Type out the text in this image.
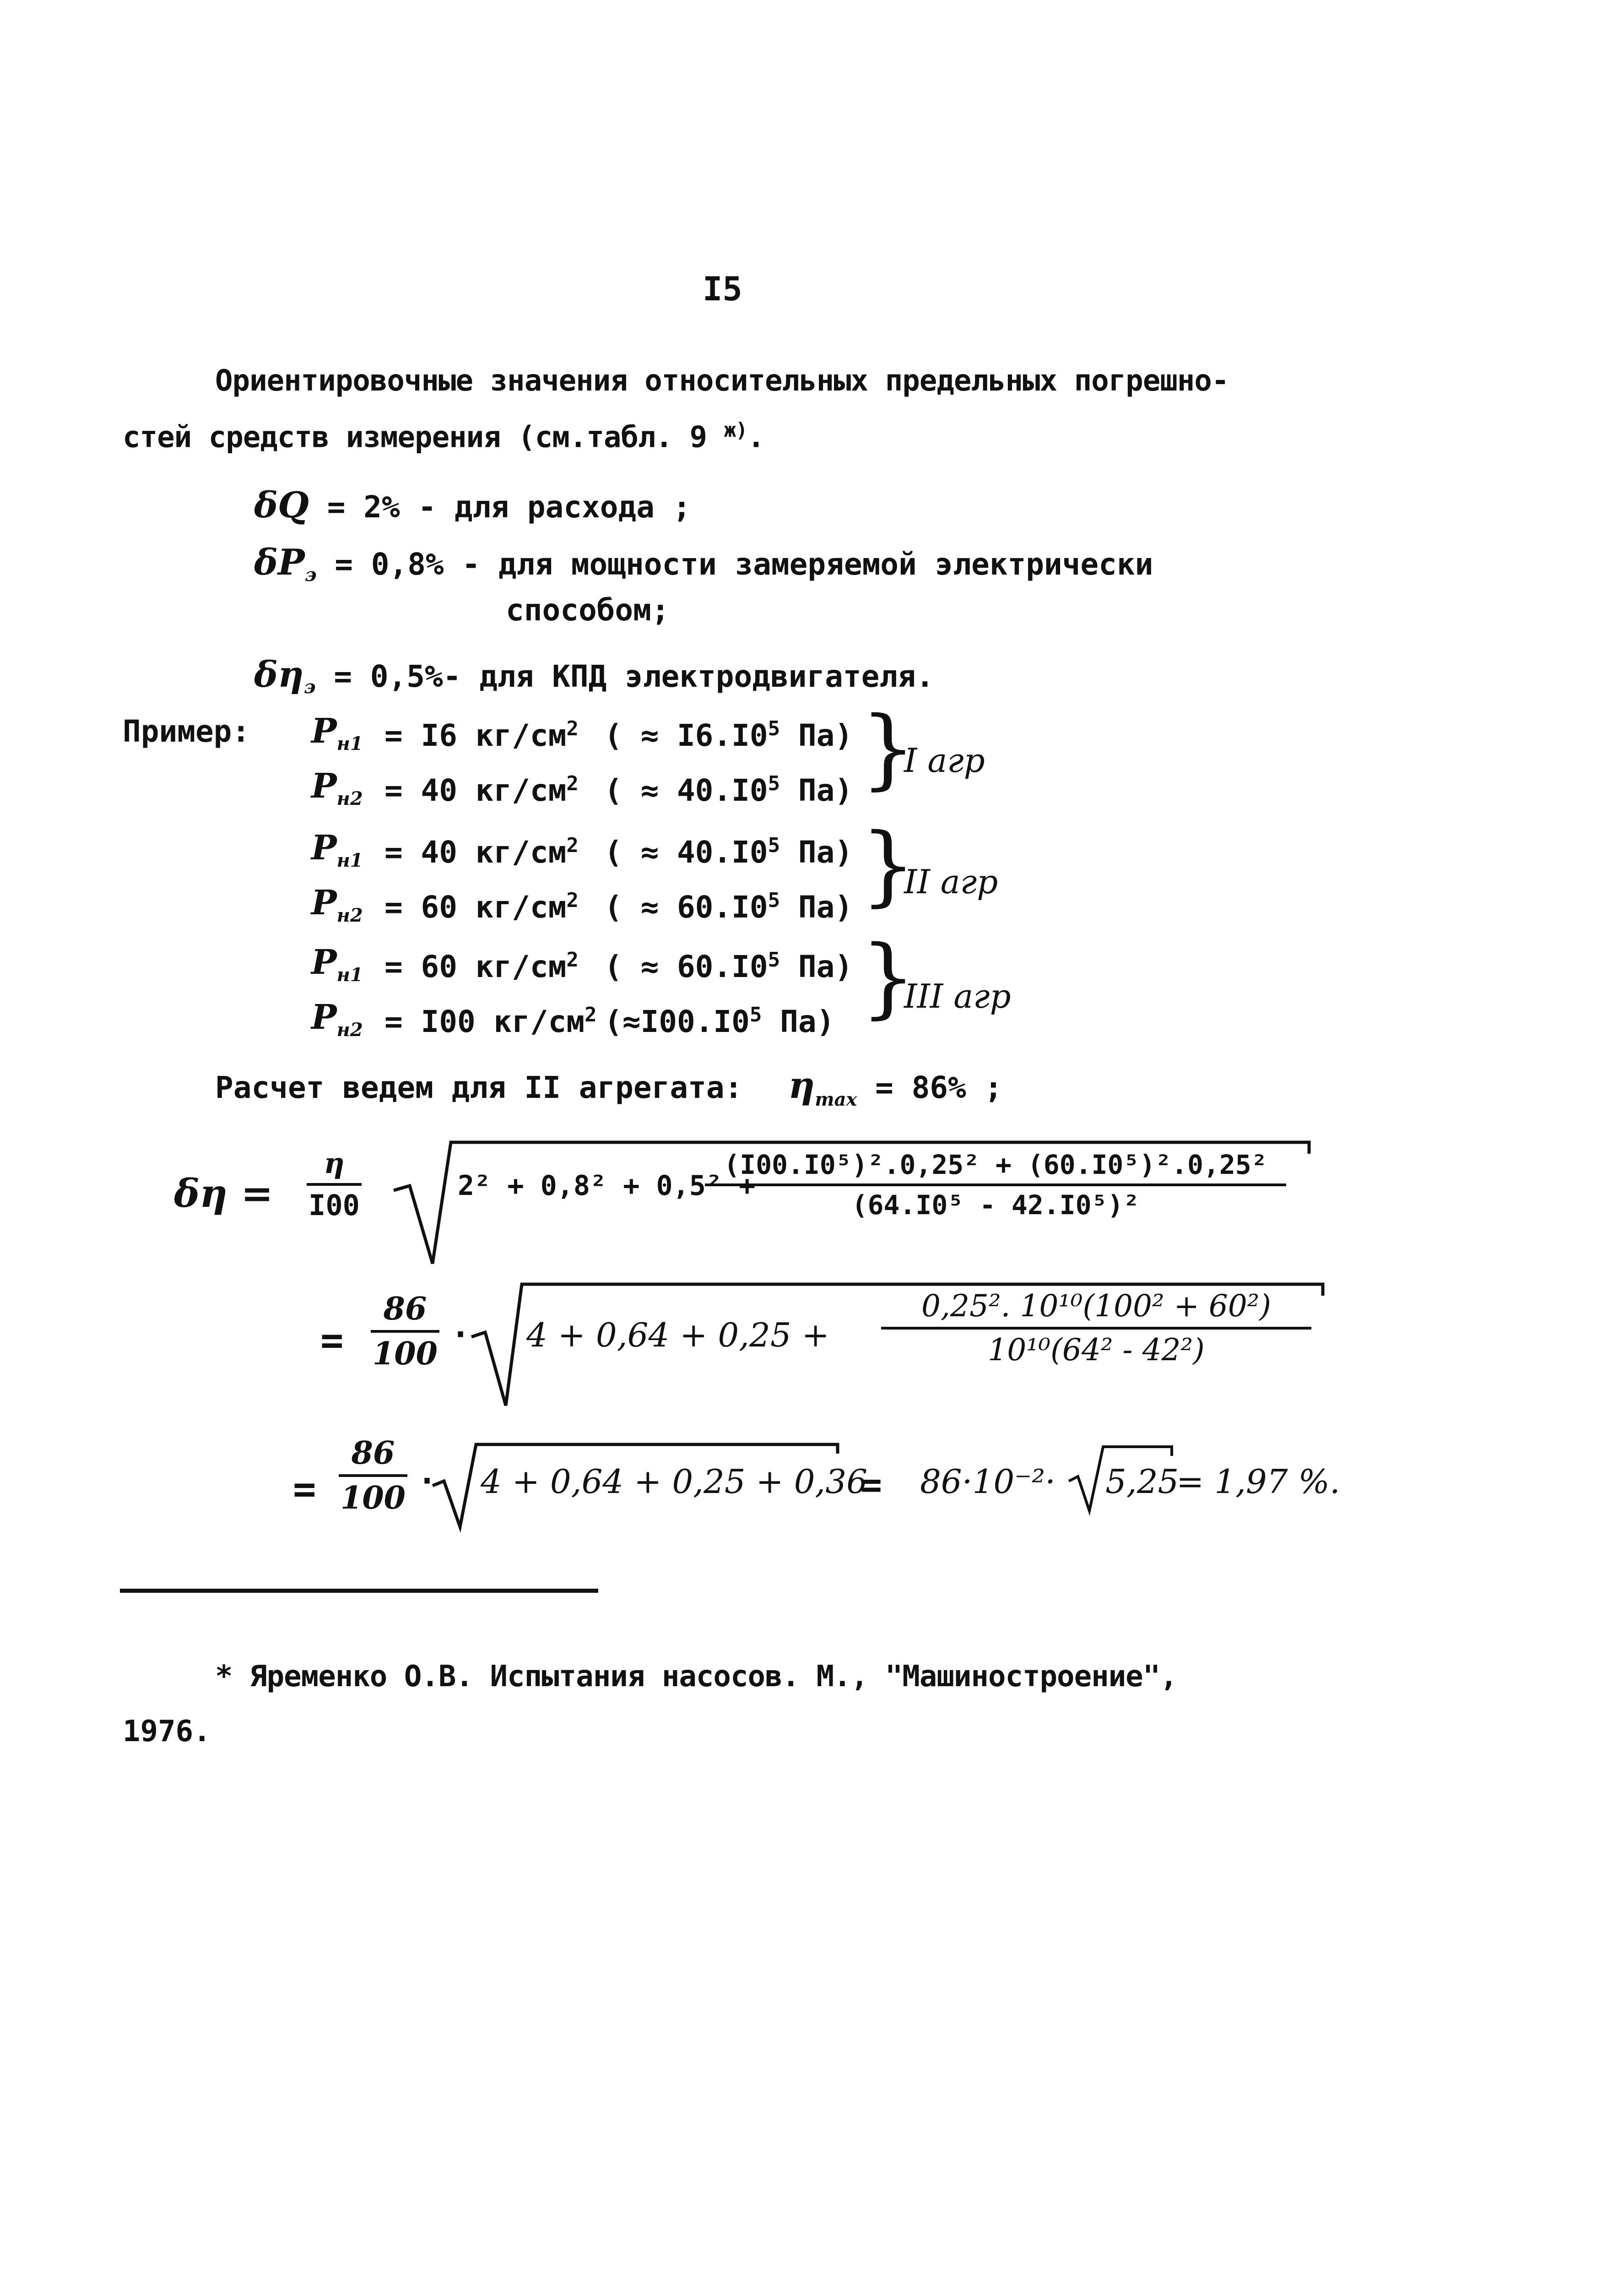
I5
Ориентировочные значения относительных предельных погрешно-
стей средств измерения (см.табл. 9 $^{ж)}$.
δQ = 2% - для расхода ;
$\delta P_э = 0,8\%$ - для мощности замеряемой электрически
способом;
$\delta\eta_э = 0,5\%-$ для КПД электродвигателя.
Пример: $P_{н1} = I6$ $кг/см^2$ ( ≈ $I6.I0^5$ Па)
$P_{н2} = 40$ $кг/см^2$ ( ≈ $40.I0^5$ Па)
$P_{н1} = 40$ $кг/см^2$ ( ≈ $40.I0^5$ Па)
$P_{н2} = 60$ $кг/см^2$ ( ≈ $60.I0^5$ Па)
$P_{н1} = 60$ $кг/см^2$ ( ≈ $60.I0^5$ Па)
$P_{н2} = I00$ $кг/см^2$ ($\approx I00.I0^5$ Па)
}
I агр
}
II агр
}
III агр
Расчет ведем для II агрегата: $\eta_{max} = 86\%$ ;
δη =
η
I00
2² + 0,8² + 0,5² +
(I00.I0⁵)².0,25² + (60.I0⁵)².0,25²
(64.I0⁵ - 42.I0⁵)²
=
86
100
· 4 + 0,64 + 0,25 +
0,25². 10¹⁰(100² + 60²)
10¹⁰(64² - 42²)
=
86
100 · 4 + 0,64 + 0,25 + 0,36
= 86·10⁻²· 5,25
= 1,97 %.
* Яременко О.В. Испытания насосов. М., "Машиностроение",
1976.
